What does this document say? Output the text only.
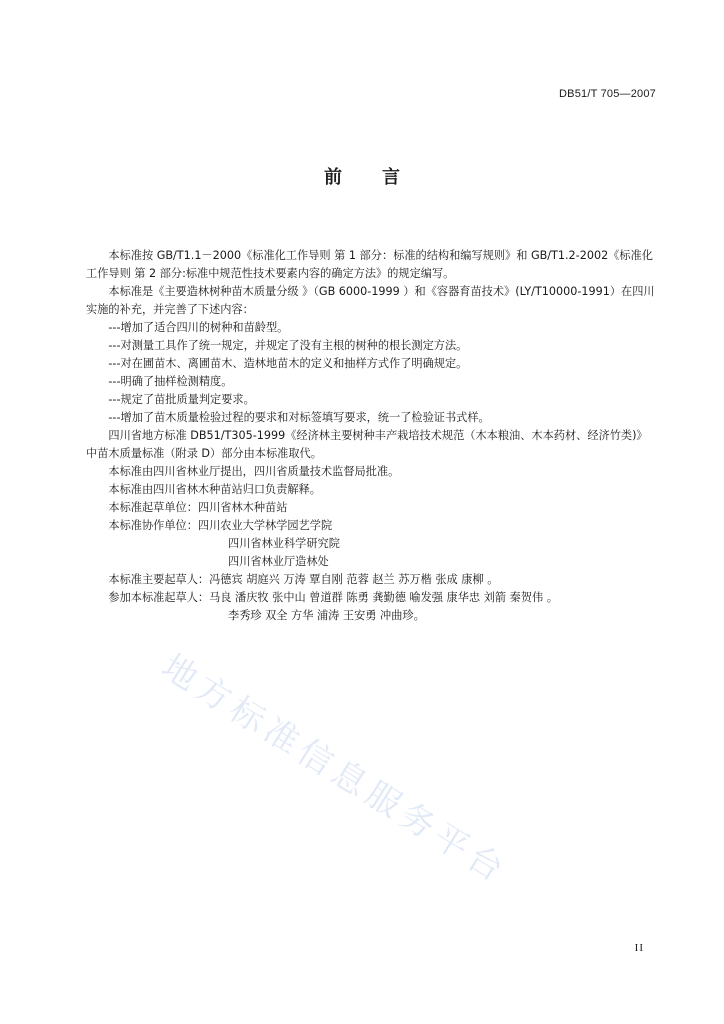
DB51/T 705—2007
前 言

本标准按 GB/T1.1－2000《标准化工作导则 第 1 部分：标准的结构和编写规则》和 GB/T1.2-2002《标准化工作导则 第 2 部分:标准中规范性技术要素内容的确定方法》的规定编写。

本标准是《主要造林树种苗木质量分级 》（GB 6000-1999 ）和《容器育苗技术》(LY/T10000-1991）在四川实施的补充，并完善了下述内容：

---增加了适合四川的树种和苗龄型。

---对测量工具作了统一规定，并规定了没有主根的树种的根长测定方法。

---对在圃苗木、离圃苗木、造林地苗木的定义和抽样方式作了明确规定。

---明确了抽样检测精度。

---规定了苗批质量判定要求。

---增加了苗木质量检验过程的要求和对标签填写要求，统一了检验证书式样。

四川省地方标准 DB51/T305-1999《经济林主要树种丰产栽培技术规范（木本粮油、木本药材、经济竹类)》中苗木质量标准（附录 D）部分由本标准取代。

本标准由四川省林业厅提出，四川省质量技术监督局批准。

本标准由四川省林木种苗站归口负责解释。

本标准起草单位： 四川省林木种苗站
本标准协作单位： 四川农业大学林学园艺学院

四川省林业科学研究院

四川省林业厅造林处

本标准主要起草人： 冯德宾 胡庭兴 万涛 覃自刚 范蓉 赵兰 苏万楷 张成 康柳 。
参加本标准起草人： 马良 潘庆牧 张中山 曾道群 陈勇 龚勤德 喻发强 康华忠 刘箭 秦贺伟 。

李秀珍 双全 方华 浦涛 王安勇 冲曲珍。

地方标准信息服务平台
II
